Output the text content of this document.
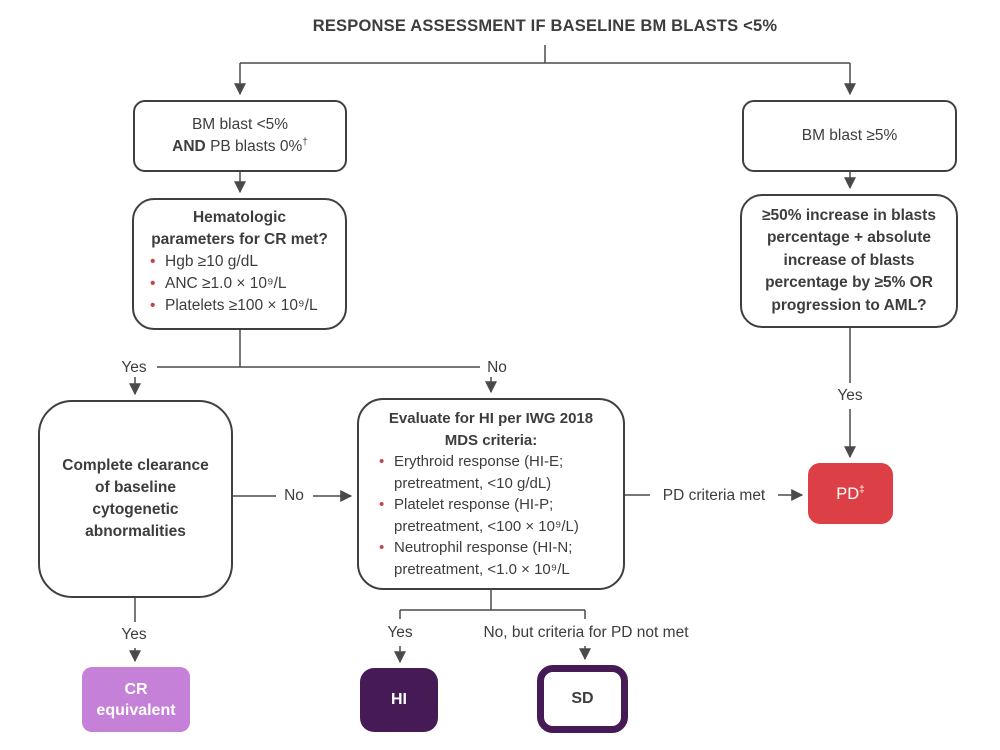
RESPONSE ASSESSMENT IF BASELINE BM BLASTS <5%
BM blast <5%
AND PB blasts 0%†	BM blast ≥5%
Hematologic
parameters for CR met?
• Hgb ≥10 g/dL
• ANC ≥1.0 × 10⁹/L
• Platelets ≥100 × 10⁹/L
≥50% increase in blasts
percentage + absolute
increase of blasts
percentage by ≥5% OR
progression to AML?
Complete clearance
of baseline
cytogenetic
abnormalities
Evaluate for HI per IWG 2018
MDS criteria:
• Erythroid response (HI-E; pretreatment, <10 g/dL)
• Platelet response (HI-P; pretreatment, <100 × 10⁹/L)
• Neutrophil response (HI-N; pretreatment, <1.0 × 10⁹/L
PD‡
CR
equivalent
HI	SD
Yes	No
No	PD criteria met
Yes
Yes	Yes	No, but criteria for PD not met
